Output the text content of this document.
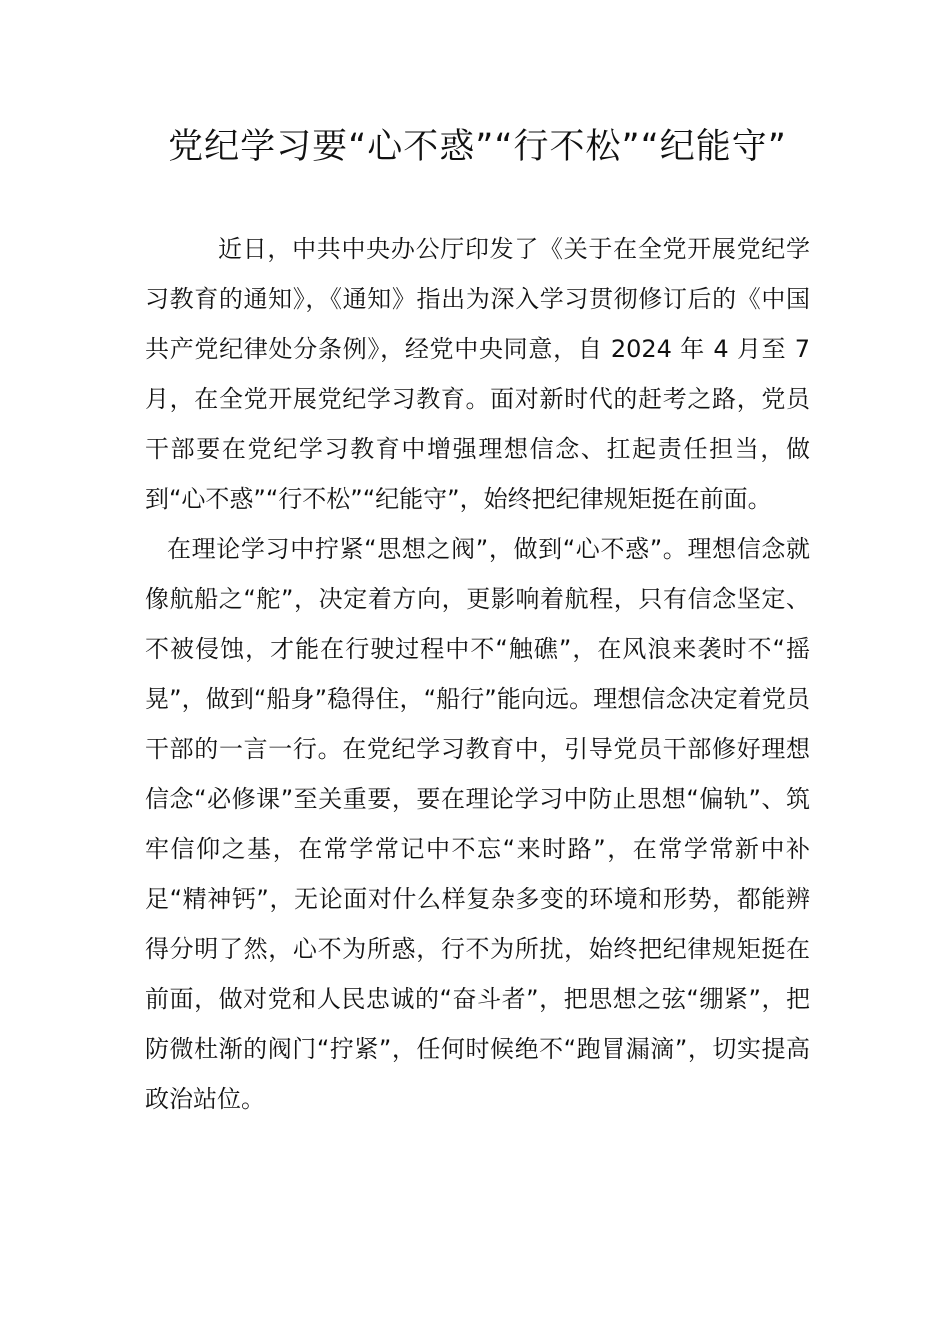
党纪学习要“心不惑”“行不松”“纪能守”

近日，中共中央办公厅印发了《关于在全党开展党纪学习教育的通知》，《通知》指出为深入学习贯彻修订后的《中国共产党纪律处分条例》，经党中央同意，自 2024 年 4 月至 7 月，在全党开展党纪学习教育。面对新时代的赶考之路，党员干部要在党纪学习教育中增强理想信念、扛起责任担当，做到“心不惑”“行不松”“纪能守”，始终把纪律规矩挺在前面。

在理论学习中拧紧“思想之阀”，做到“心不惑”。理想信念就像航船之“舵”，决定着方向，更影响着航程，只有信念坚定、不被侵蚀，才能在行驶过程中不“触礁”，在风浪来袭时不“摇晃”，做到“船身”稳得住，“船行”能向远。理想信念决定着党员干部的一言一行。在党纪学习教育中，引导党员干部修好理想信念“必修课”至关重要，要在理论学习中防止思想“偏轨”、筑牢信仰之基，在常学常记中不忘“来时路”，在常学常新中补足“精神钙”，无论面对什么样复杂多变的环境和形势，都能辨得分明了然，心不为所惑，行不为所扰，始终把纪律规矩挺在前面，做对党和人民忠诚的“奋斗者”，把思想之弦“绷紧”，把防微杜渐的阀门“拧紧”，任何时候绝不“跑冒漏滴”，切实提高政治站位。
